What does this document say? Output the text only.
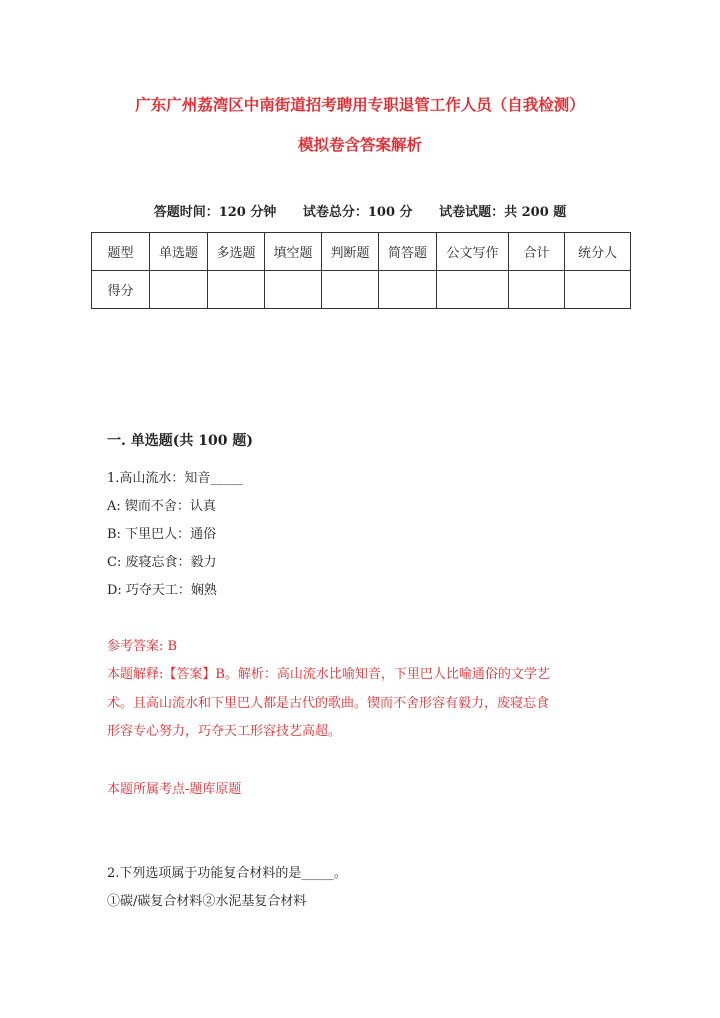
广东广州荔湾区中南街道招考聘用专职退管工作人员（自我检测）
模拟卷含答案解析
答题时间：120 分钟 试卷总分：100 分 试卷试题：共 200 题
题型	单选题	多选题	填空题	判断题	简答题	公文写作	合计	统分人
得分								
一. 单选题(共 100 题)
1.高山流水：知音_____
A: 锲而不舍：认真
B: 下里巴人：通俗
C: 废寝忘食：毅力
D: 巧夺天工：娴熟
参考答案: B
本题解释:【答案】B。解析：高山流水比喻知音，下里巴人比喻通俗的文学艺
术。且高山流水和下里巴人都是古代的歌曲。锲而不舍形容有毅力，废寝忘食
形容专心努力，巧夺天工形容技艺高超。
本题所属考点-题库原题
2.下列选项属于功能复合材料的是_____。
①碳/碳复合材料②水泥基复合材料
